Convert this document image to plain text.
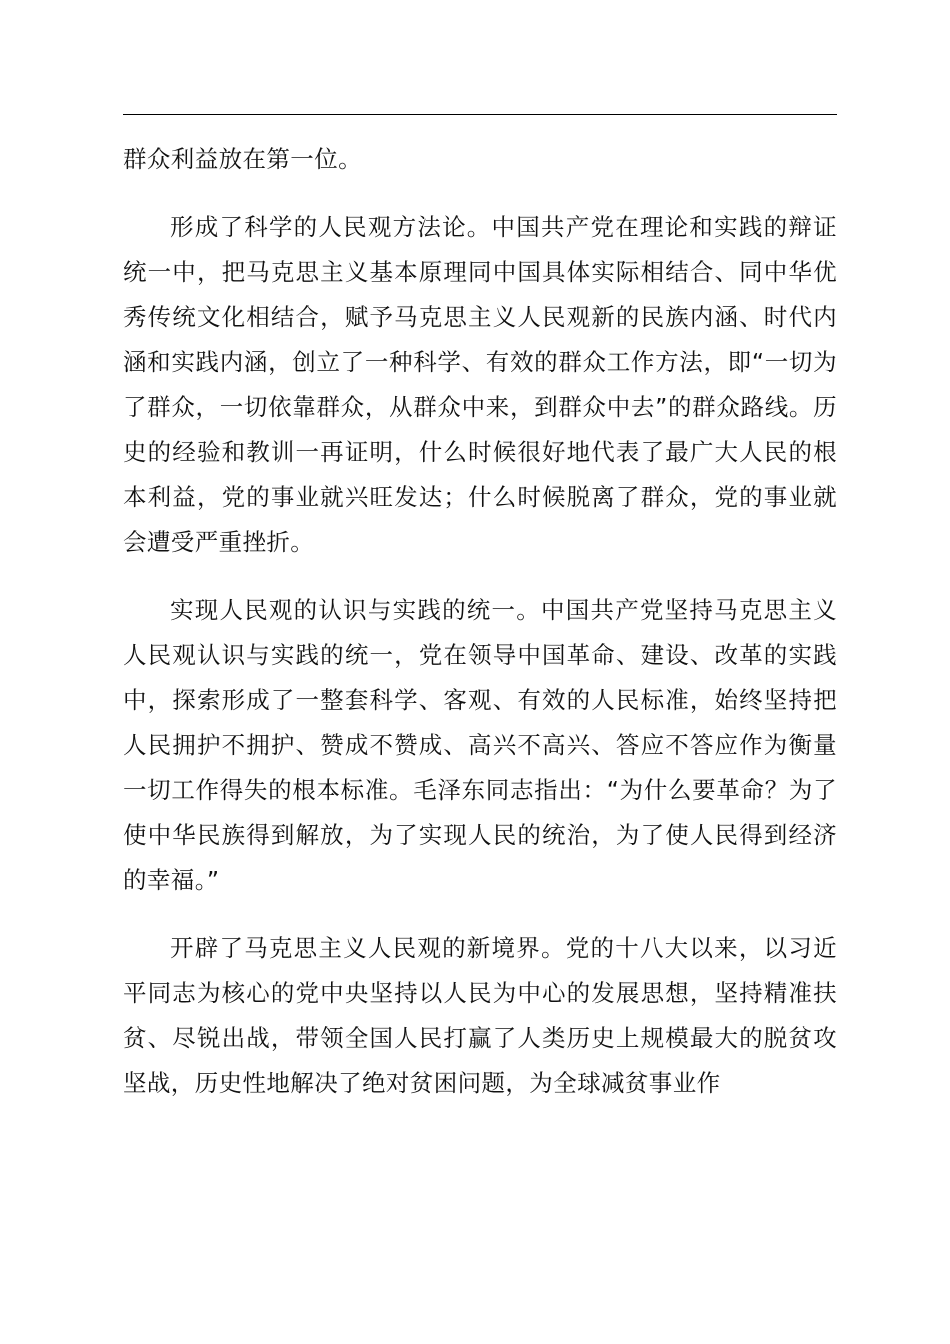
群众利益放在第一位。

形成了科学的人民观方法论。中国共产党在理论和实践的辩证统一中，把马克思主义基本原理同中国具体实际相结合、同中华优秀传统文化相结合，赋予马克思主义人民观新的民族内涵、时代内涵和实践内涵，创立了一种科学、有效的群众工作方法，即“一切为了群众，一切依靠群众，从群众中来，到群众中去”的群众路线。历史的经验和教训一再证明，什么时候很好地代表了最广大人民的根本利益，党的事业就兴旺发达；什么时候脱离了群众，党的事业就会遭受严重挫折。

实现人民观的认识与实践的统一。中国共产党坚持马克思主义人民观认识与实践的统一，党在领导中国革命、建设、改革的实践中，探索形成了一整套科学、客观、有效的人民标准，始终坚持把人民拥护不拥护、赞成不赞成、高兴不高兴、答应不答应作为衡量一切工作得失的根本标准。毛泽东同志指出：“为什么要革命？为了使中华民族得到解放，为了实现人民的统治，为了使人民得到经济的幸福。”

开辟了马克思主义人民观的新境界。党的十八大以来，以习近平同志为核心的党中央坚持以人民为中心的发展思想，坚持精准扶贫、尽锐出战，带领全国人民打赢了人类历史上规模最大的脱贫攻坚战，历史性地解决了绝对贫困问题，为全球减贫事业作
